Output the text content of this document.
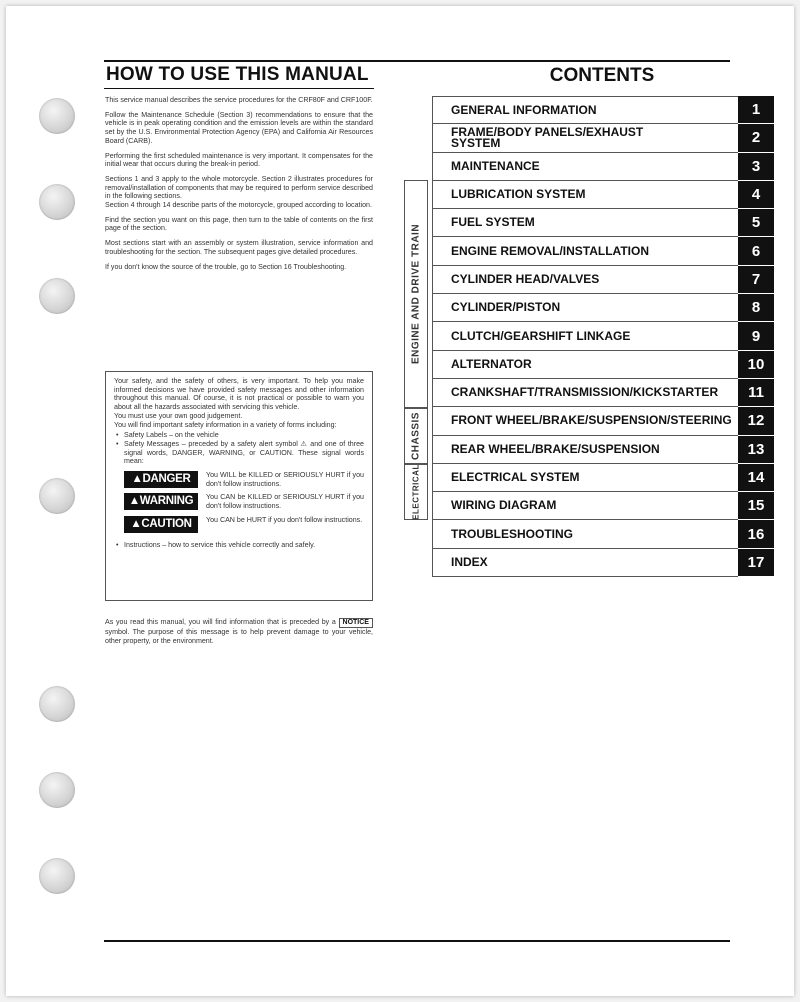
HOW TO USE THIS MANUAL

This service manual describes the service procedures for the CRF80F and CRF100F.

Follow the Maintenance Schedule (Section 3) recommendations to ensure that the vehicle is in peak operating condition and the emission levels are within the standard set by the U.S. Environmental Protection Agency (EPA) and California Air Resources Board (CARB).

Performing the first scheduled maintenance is very important. It compensates for the initial wear that occurs during the break-in period.

Sections 1 and 3 apply to the whole motorcycle. Section 2 illustrates procedures for removal/installation of components that may be required to perform service described in the following sections.

Section 4 through 14 describe parts of the motorcycle, grouped according to location.

Find the section you want on this page, then turn to the table of contents on the first page of the section.

Most sections start with an assembly or system illustration, service information and troubleshooting for the section. The subsequent pages give detailed procedures.

If you don't know the source of the trouble, go to Section 16 Troubleshooting.

Your safety, and the safety of others, is very important. To help you make informed decisions we have provided safety messages and other information throughout this manual. Of course, it is not practical or possible to warn you about all the hazards associated with servicing this vehicle.

You must use your own good judgement.

You will find important safety information in a variety of forms including:

• Safety Labels – on the vehicle
• Safety Messages – preceded by a safety alert symbol ⚠ and one of three signal words, DANGER, WARNING, or CAUTION. These signal words mean:
▲DANGER	You WILL be KILLED or SERIOUSLY HURT if you don't follow instructions.
▲WARNING	You CAN be KILLED or SERIOUSLY HURT if you don't follow instructions.
▲CAUTION	You CAN be HURT if you don't follow instructions.
• Instructions – how to service this vehicle correctly and safely.

As you read this manual, you will find information that is preceded by a NOTICE symbol. The purpose of this message is to help prevent damage to your vehicle, other property, or the environment.

CONTENTS
ENGINE AND DRIVE TRAIN
CHASSIS
ELECTRICAL
GENERAL INFORMATION	1
FRAME/BODY PANELS/EXHAUST SYSTEM	2
MAINTENANCE	3
LUBRICATION SYSTEM	4
FUEL SYSTEM	5
ENGINE REMOVAL/INSTALLATION	6
CYLINDER HEAD/VALVES	7
CYLINDER/PISTON	8
CLUTCH/GEARSHIFT LINKAGE	9
ALTERNATOR	10
CRANKSHAFT/TRANSMISSION/KICKSTARTER	11
FRONT WHEEL/BRAKE/SUSPENSION/STEERING	12
REAR WHEEL/BRAKE/SUSPENSION	13
ELECTRICAL SYSTEM	14
WIRING DIAGRAM	15
TROUBLESHOOTING	16
INDEX	17
